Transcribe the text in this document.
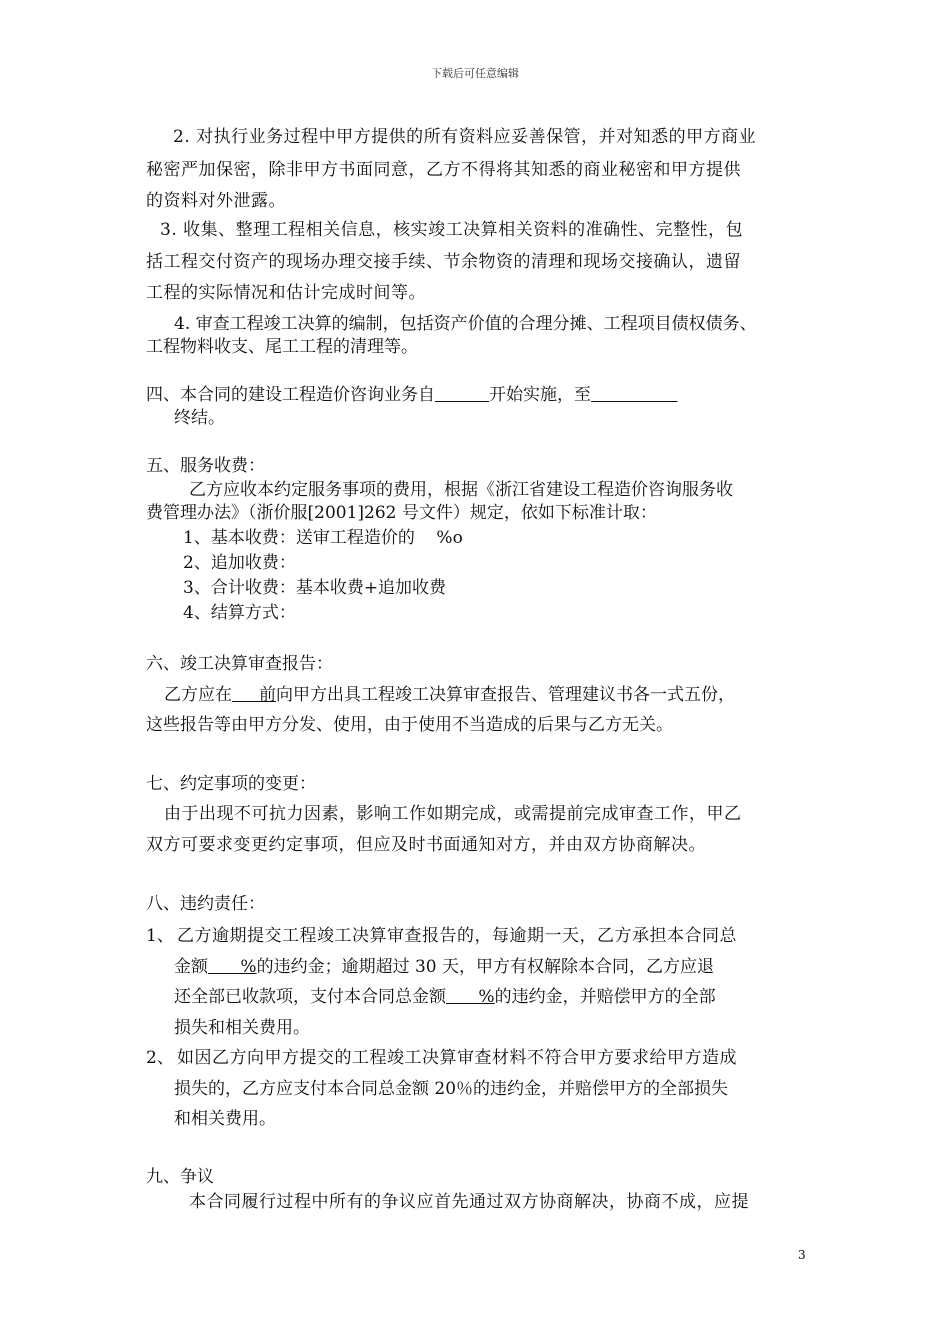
下载后可任意编辑
2. 对执行业务过程中甲方提供的所有资料应妥善保管，并对知悉的甲方商业
秘密严加保密，除非甲方书面同意，乙方不得将其知悉的商业秘密和甲方提供
的资料对外泄露。
3. 收集、整理工程相关信息，核实竣工决算相关资料的准确性、完整性，包
括工程交付资产的现场办理交接手续、节余物资的清理和现场交接确认，遗留
工程的实际情况和估计完成时间等。
4. 审查工程竣工决算的编制，包括资产价值的合理分摊、工程项目债权债务、
工程物料收支、尾工工程的清理等。
四、本合同的建设工程造价咨询业务自	开始实施，至
终结。
五、服务收费：
乙方应收本约定服务事项的费用，根据《浙江省建设工程造价咨询服务收
费管理办法》（浙价服[2001]262 号文件）规定，依如下标准计取：
1、基本收费：送审工程造价的    %o
2、追加收费：
3、合计收费：基本收费+追加收费
4、结算方式：
六、竣工决算审查报告：
乙方应在     前向甲方出具工程竣工决算审查报告、管理建议书各一式五份，
这些报告等由甲方分发、使用，由于使用不当造成的后果与乙方无关。
七、约定事项的变更：
由于出现不可抗力因素，影响工作如期完成，或需提前完成审查工作，甲乙
双方可要求变更约定事项，但应及时书面通知对方，并由双方协商解决。
八、违约责任：
1、 乙方逾期提交工程竣工决算审查报告的，每逾期一天，乙方承担本合同总
金额      %的违约金；逾期超过 30 天，甲方有权解除本合同，乙方应退
还全部已收款项，支付本合同总金额      %的违约金，并赔偿甲方的全部
损失和相关费用。
2、 如因乙方向甲方提交的工程竣工决算审查材料不符合甲方要求给甲方造成
损失的，乙方应支付本合同总金额 20％的违约金，并赔偿甲方的全部损失
和相关费用。
九、争议
本合同履行过程中所有的争议应首先通过双方协商解决，协商不成，应提
3
